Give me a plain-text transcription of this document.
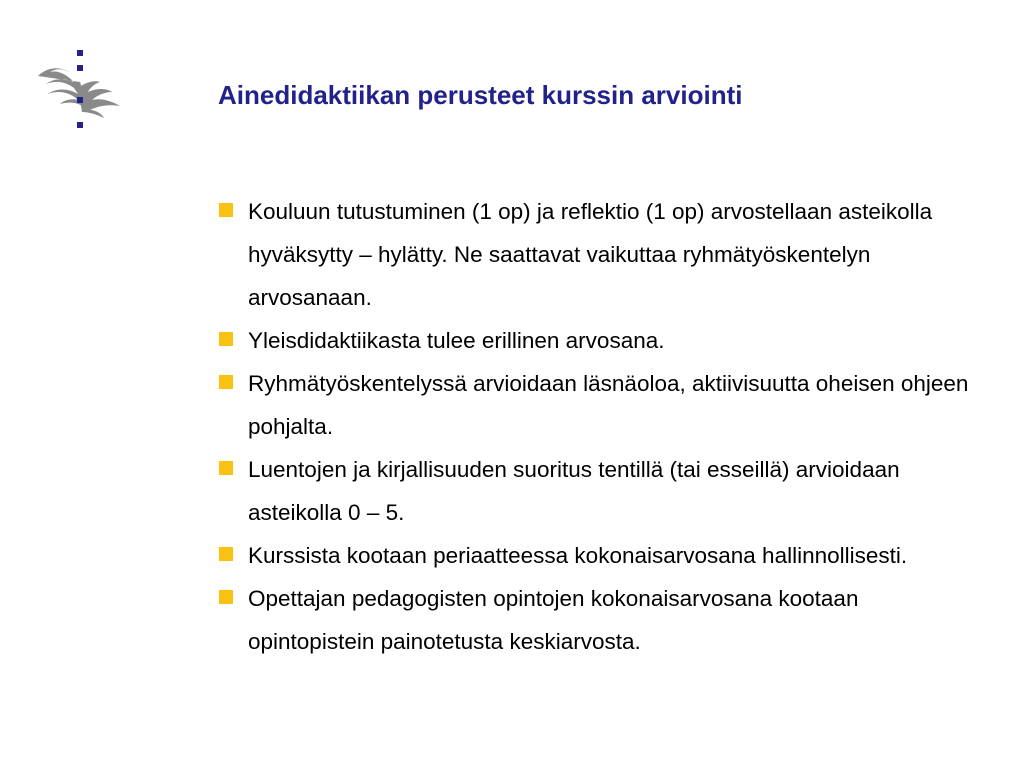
Ainedidaktiikan perusteet kurssin arviointi
Kouluun tutustuminen (1 op) ja reflektio (1 op) arvostellaan asteikolla hyväksytty – hylätty. Ne saattavat vaikuttaa ryhmätyöskentelyn arvosanaan.
Yleisdidaktiikasta tulee erillinen arvosana.
Ryhmätyöskentelyssä arvioidaan läsnäoloa, aktiivisuutta oheisen ohjeen pohjalta.
Luentojen ja kirjallisuuden suoritus tentillä (tai esseillä) arvioidaan asteikolla 0 – 5.
Kurssista kootaan periaatteessa kokonaisarvosana hallinnollisesti.
Opettajan pedagogisten opintojen kokonaisarvosana kootaan opintopistein painotetusta keskiarvosta.
